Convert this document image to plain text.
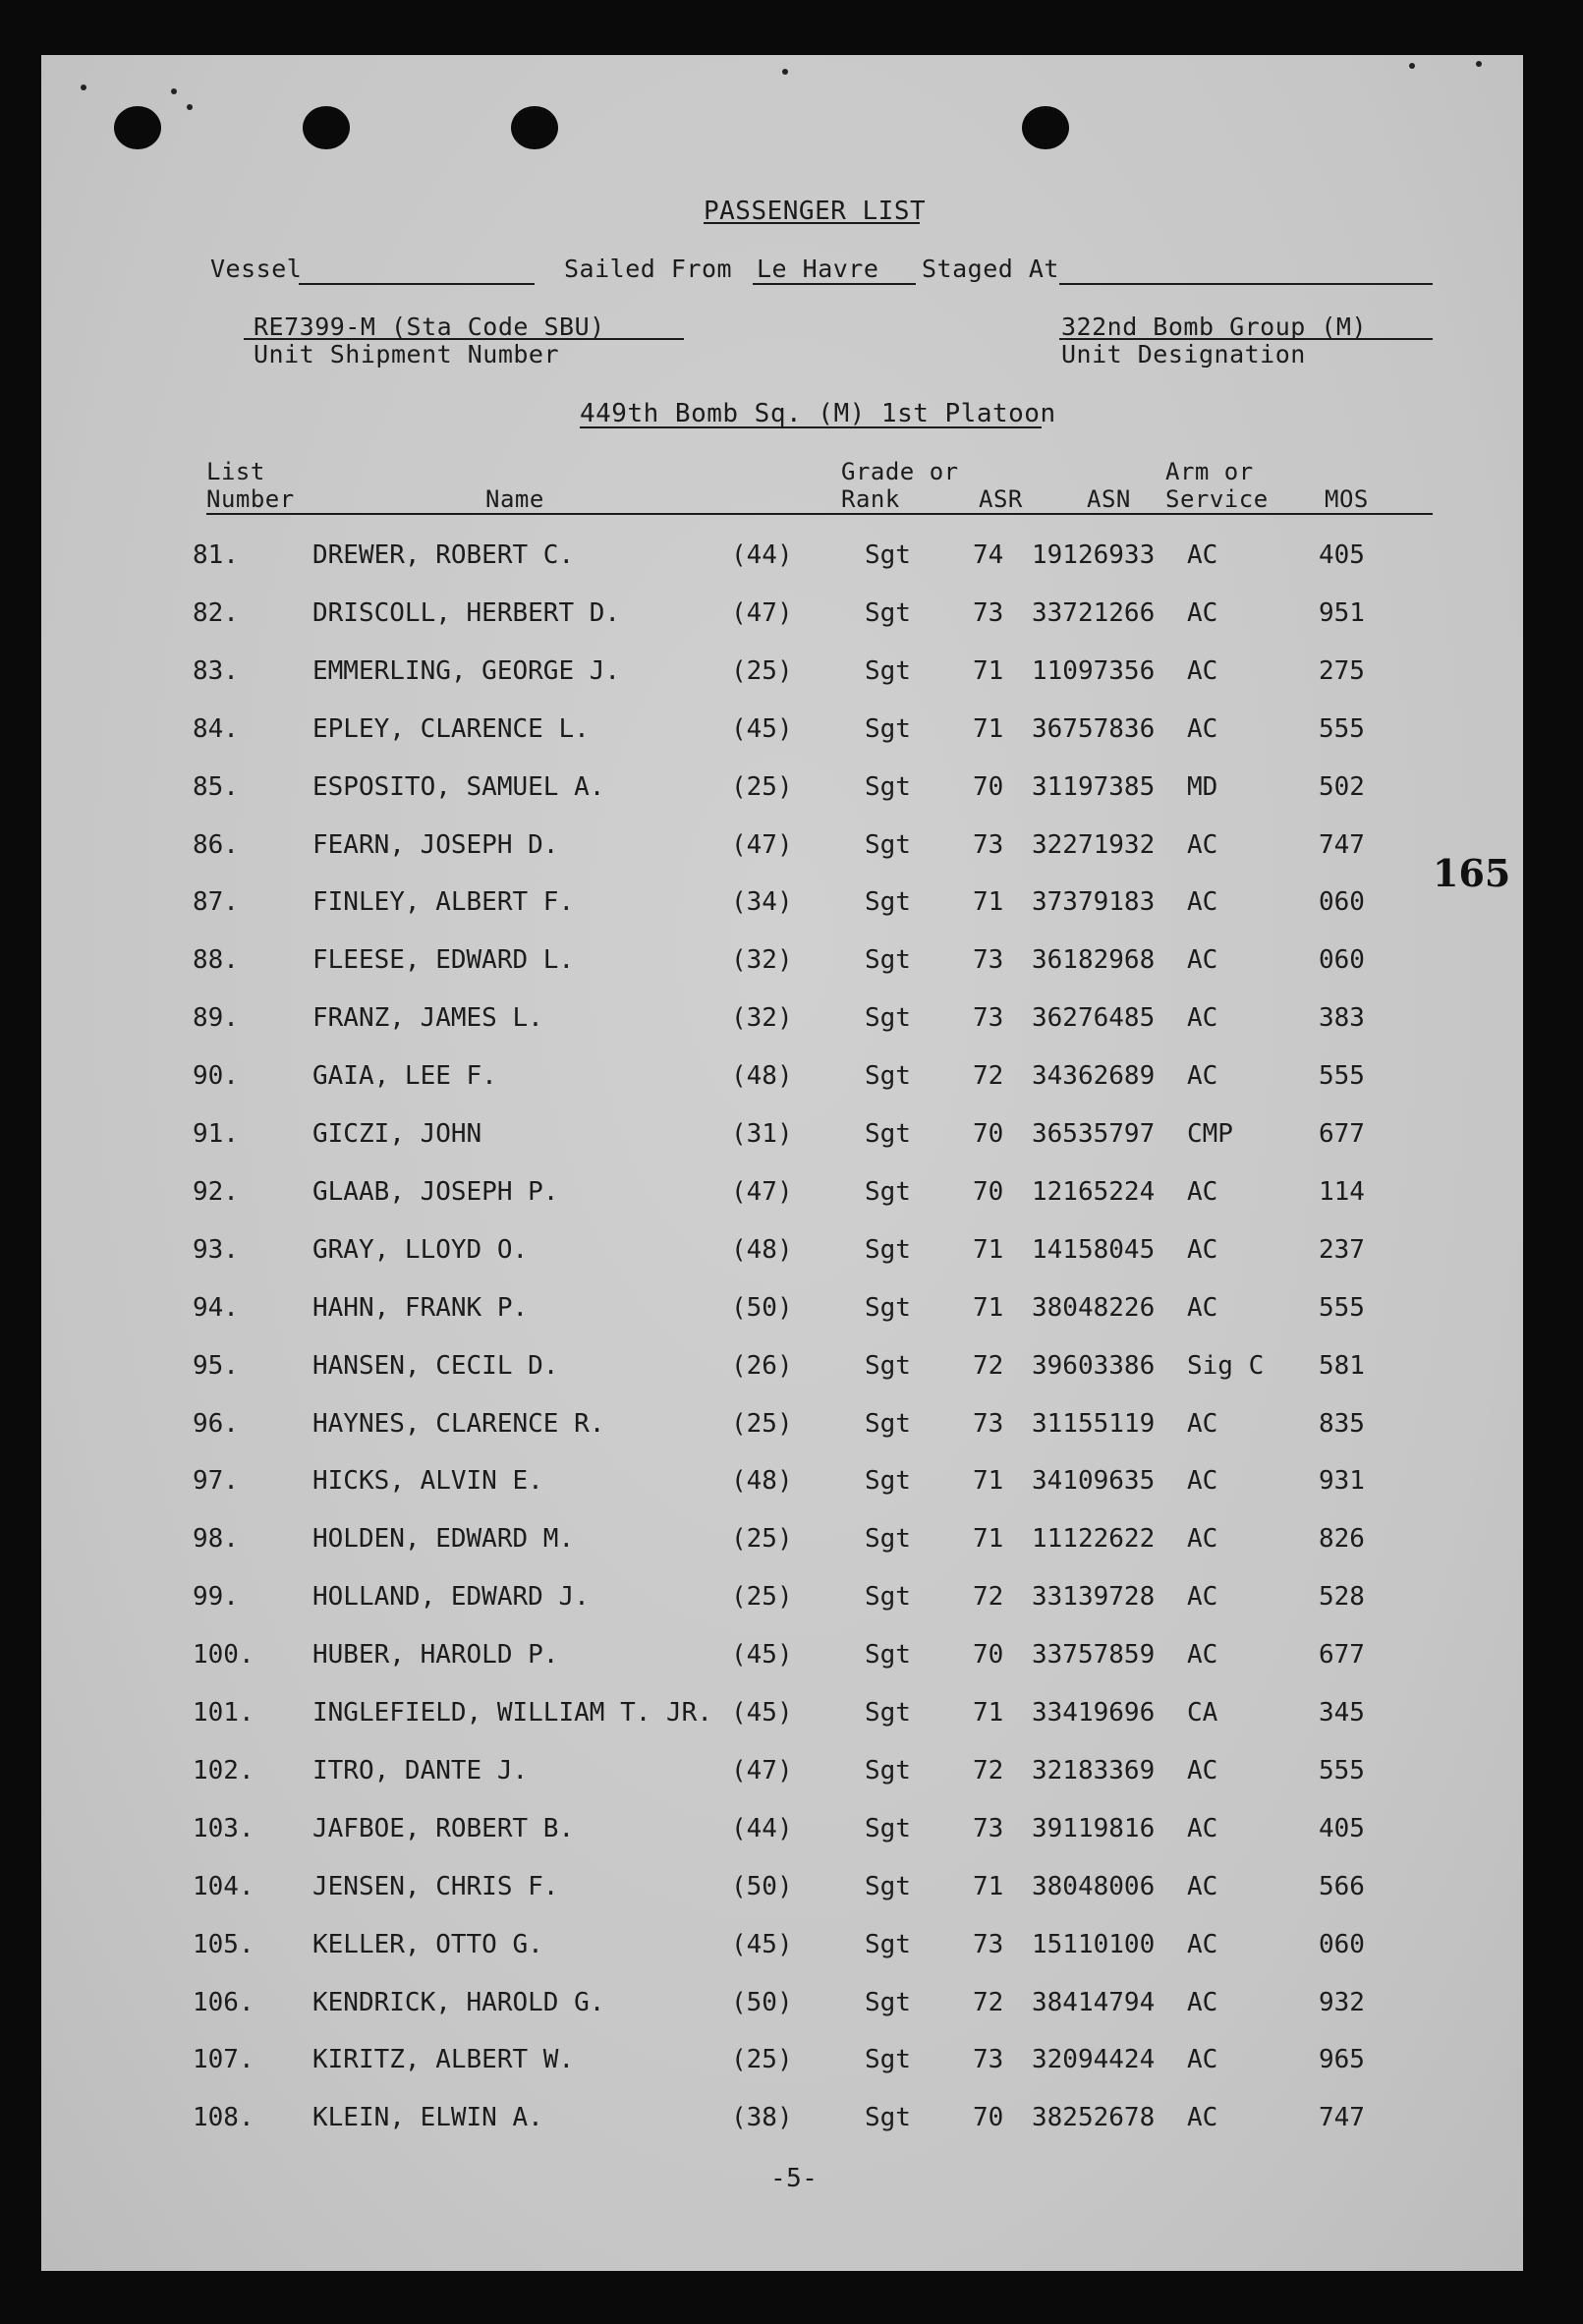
PASSENGER LIST
Vessel	Sailed From Le Havre Staged At
RE7399-M (Sta Code SBU)
Unit Shipment Number
322nd Bomb Group (M)
Unit Designation
449th Bomb Sq. (M) 1st Platoon
List
Number	Name
Grade or
Rank	ASR	ASN
Arm or
Service MOS
81.	DREWER, ROBERT C.	(44)	Sgt 74 19126933 AC	405
82.	DRISCOLL, HERBERT D.	(47)	Sgt 73 33721266 AC	951
83.	EMMERLING, GEORGE J.	(25)	Sgt 71 11097356 AC	275
84.	EPLEY, CLARENCE L.	(45)	Sgt 71 36757836 AC	555
85.	ESPOSITO, SAMUEL A.	(25)	Sgt 70 31197385 MD	502
86.	FEARN, JOSEPH D.	(47)	Sgt 73 32271932 AC	747
87.	FINLEY, ALBERT F.	(34)	Sgt 71 37379183 AC	060
88.	FLEESE, EDWARD L.	(32)	Sgt 73 36182968 AC	060
89.	FRANZ, JAMES L.	(32)	Sgt 73 36276485 AC	383
90.	GAIA, LEE F.	(48)	Sgt 72 34362689 AC	555
91.	GICZI, JOHN	(31)	Sgt 70 36535797 CMP	677
92.	GLAAB, JOSEPH P.	(47)	Sgt 70 12165224 AC	114
93.	GRAY, LLOYD O.	(48)	Sgt 71 14158045 AC	237
94.	HAHN, FRANK P.	(50)	Sgt 71 38048226 AC	555
95.	HANSEN, CECIL D.	(26)	Sgt 72 39603386 Sig C 581
96.	HAYNES, CLARENCE R.	(25)	Sgt 73 31155119 AC	835
97.	HICKS, ALVIN E.	(48)	Sgt 71 34109635 AC	931
98.	HOLDEN, EDWARD M.	(25)	Sgt 71 11122622 AC	826
99.	HOLLAND, EDWARD J.	(25)	Sgt 72 33139728 AC	528
100. HUBER, HAROLD P.	(45)	Sgt 70 33757859 AC	677
101. INGLEFIELD, WILLIAM T. JR. (45)	Sgt 71 33419696 CA	345
102. ITRO, DANTE J.	(47)	Sgt 72 32183369 AC	555
103. JAFBOE, ROBERT B.	(44)	Sgt 73 39119816 AC	405
104. JENSEN, CHRIS F.	(50)	Sgt 71 38048006 AC	566
105. KELLER, OTTO G.	(45)	Sgt 73 15110100 AC	060
106. KENDRICK, HAROLD G.	(50)	Sgt 72 38414794 AC	932
107. KIRITZ, ALBERT W.	(25)	Sgt 73 32094424 AC	965
108. KLEIN, ELWIN A.	(38)	Sgt 70 38252678 AC	747
-5-
165
